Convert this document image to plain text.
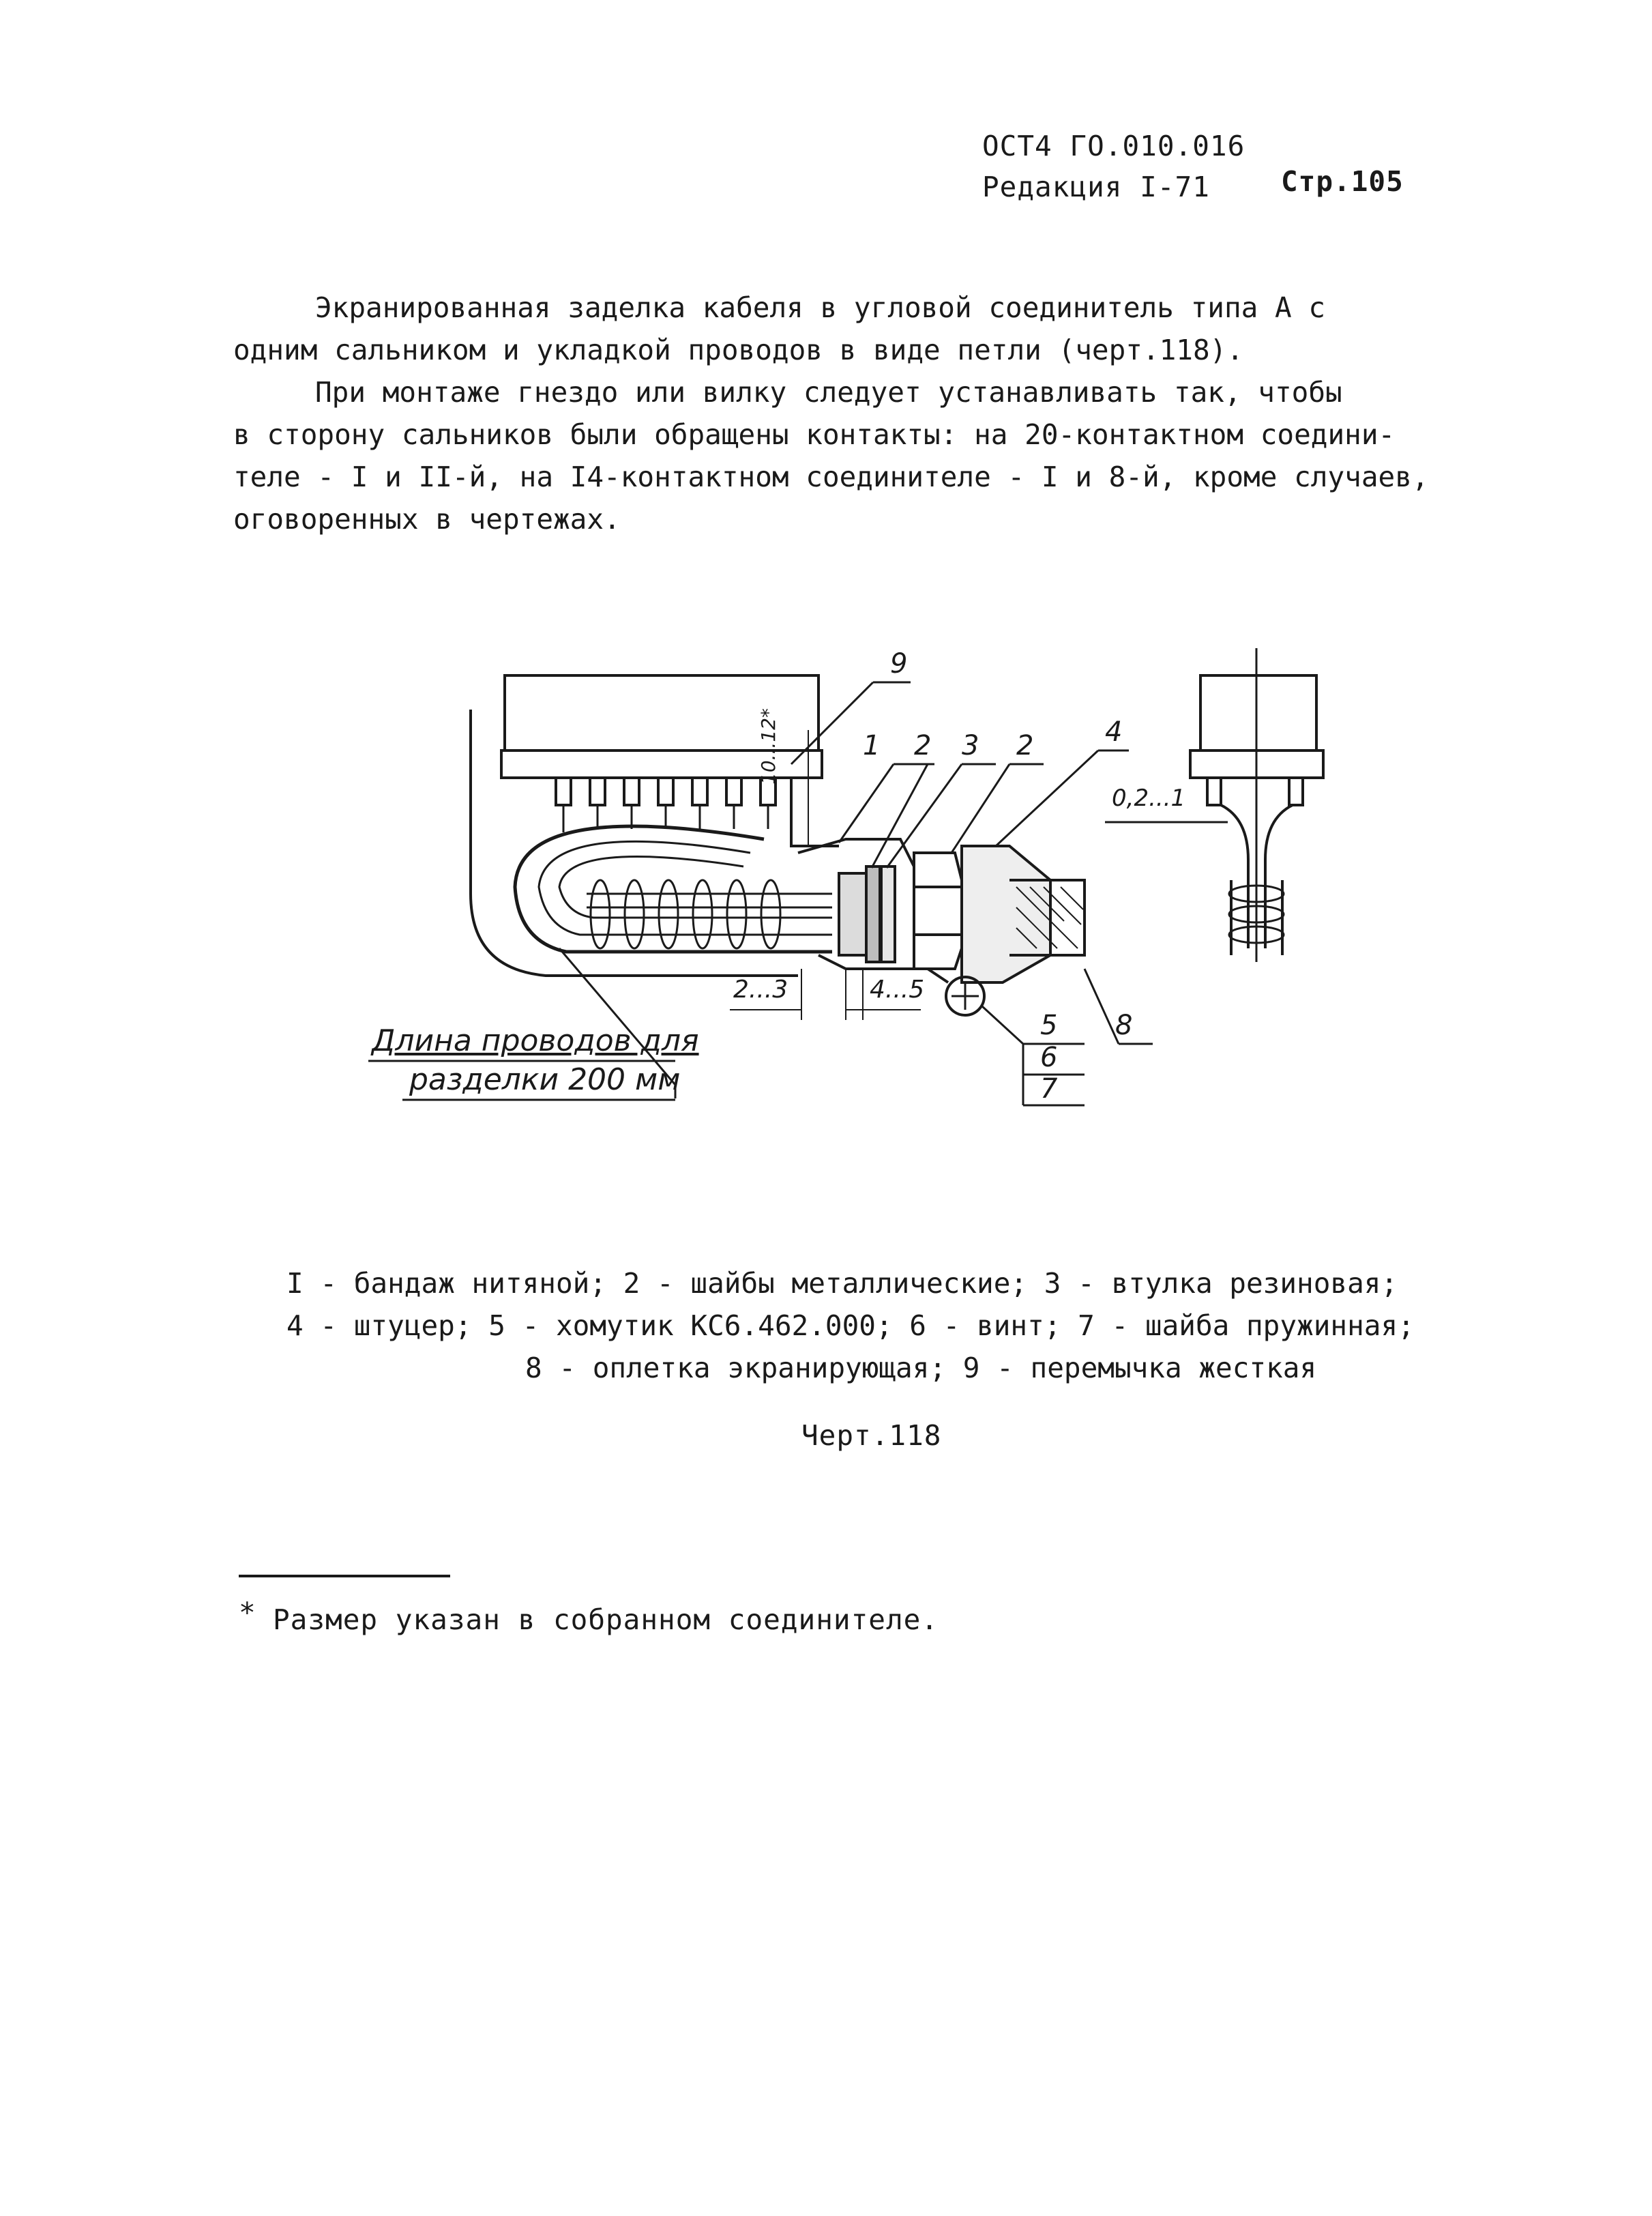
ОСТ4 ГО.010.016
Редакция I-71	Стр.105
Экранированная заделка кабеля в угловой соединитель типа А с
одним сальником и укладкой проводов в виде петли (черт.118).
При монтаже гнездо или вилку следует устанавливать так, чтобы
в сторону сальников были обращены контакты: на 20-контактном соедини-
теле - I и II-й, на I4-контактном соединителе - I и 8-й, кроме случаев,
оговоренных в чертежах.
9
1 2 3 2	4
5
6
7
8
2...3	4...5
10...12*
0,2...1
Длина проводов для
разделки 200 мм
I - бандаж нитяной; 2 - шайбы металлические; 3 - втулка резиновая;
4 - штуцер; 5 - хомутик КС6.462.000; 6 - винт; 7 - шайба пружинная;
8 - оплетка экранирующая; 9 - перемычка жесткая
Черт.118
* Размер указан в собранном соединителе.
